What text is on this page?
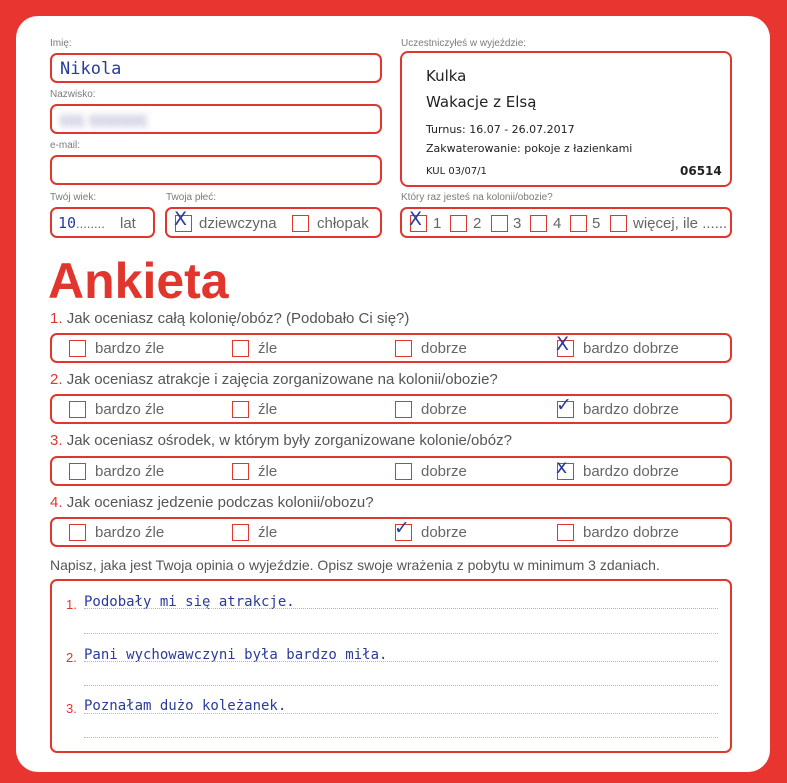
Imię:
Nikola
Nazwisko:
ҫҫҫ ҫҫҫҫҫҫҫ
e-mail:
Twój wiek:
10 ........ lat
Twoja płeć:
X dziewczyna	chłopak
Uczestniczyłeś w wyjeździe:
Kulka
Wakacje z Elsą
Turnus: 16.07 - 26.07.2017
Zakwaterowanie: pokoje z łazienkami
KUL 03/07/1	06514
Który raz jesteś na kolonii/obozie?
X 1 2 3 4 5 więcej, ile ......
Ankieta
1. Jak oceniasz całą kolonię/obóz? (Podobało Ci się?)
bardzo źle	źle	dobrze	X bardzo dobrze
2. Jak oceniasz atrakcje i zajęcia zorganizowane na kolonii/obozie?
bardzo źle	źle	dobrze	✓ bardzo dobrze
3. Jak oceniasz ośrodek, w którym były zorganizowane kolonie/obóz?
bardzo źle	źle	dobrze	x bardzo dobrze
4. Jak oceniasz jedzenie podczas kolonii/obozu?
bardzo źle	źle	✓ dobrze	bardzo dobrze
Napisz, jaka jest Twoja opinia o wyjeździe. Opisz swoje wrażenia z pobytu w minimum 3 zdaniach.
1. Podobały mi się atrakcje.
2. Pani wychowawczyni była bardzo miła.
3. Poznałam dużo koleżanek.
